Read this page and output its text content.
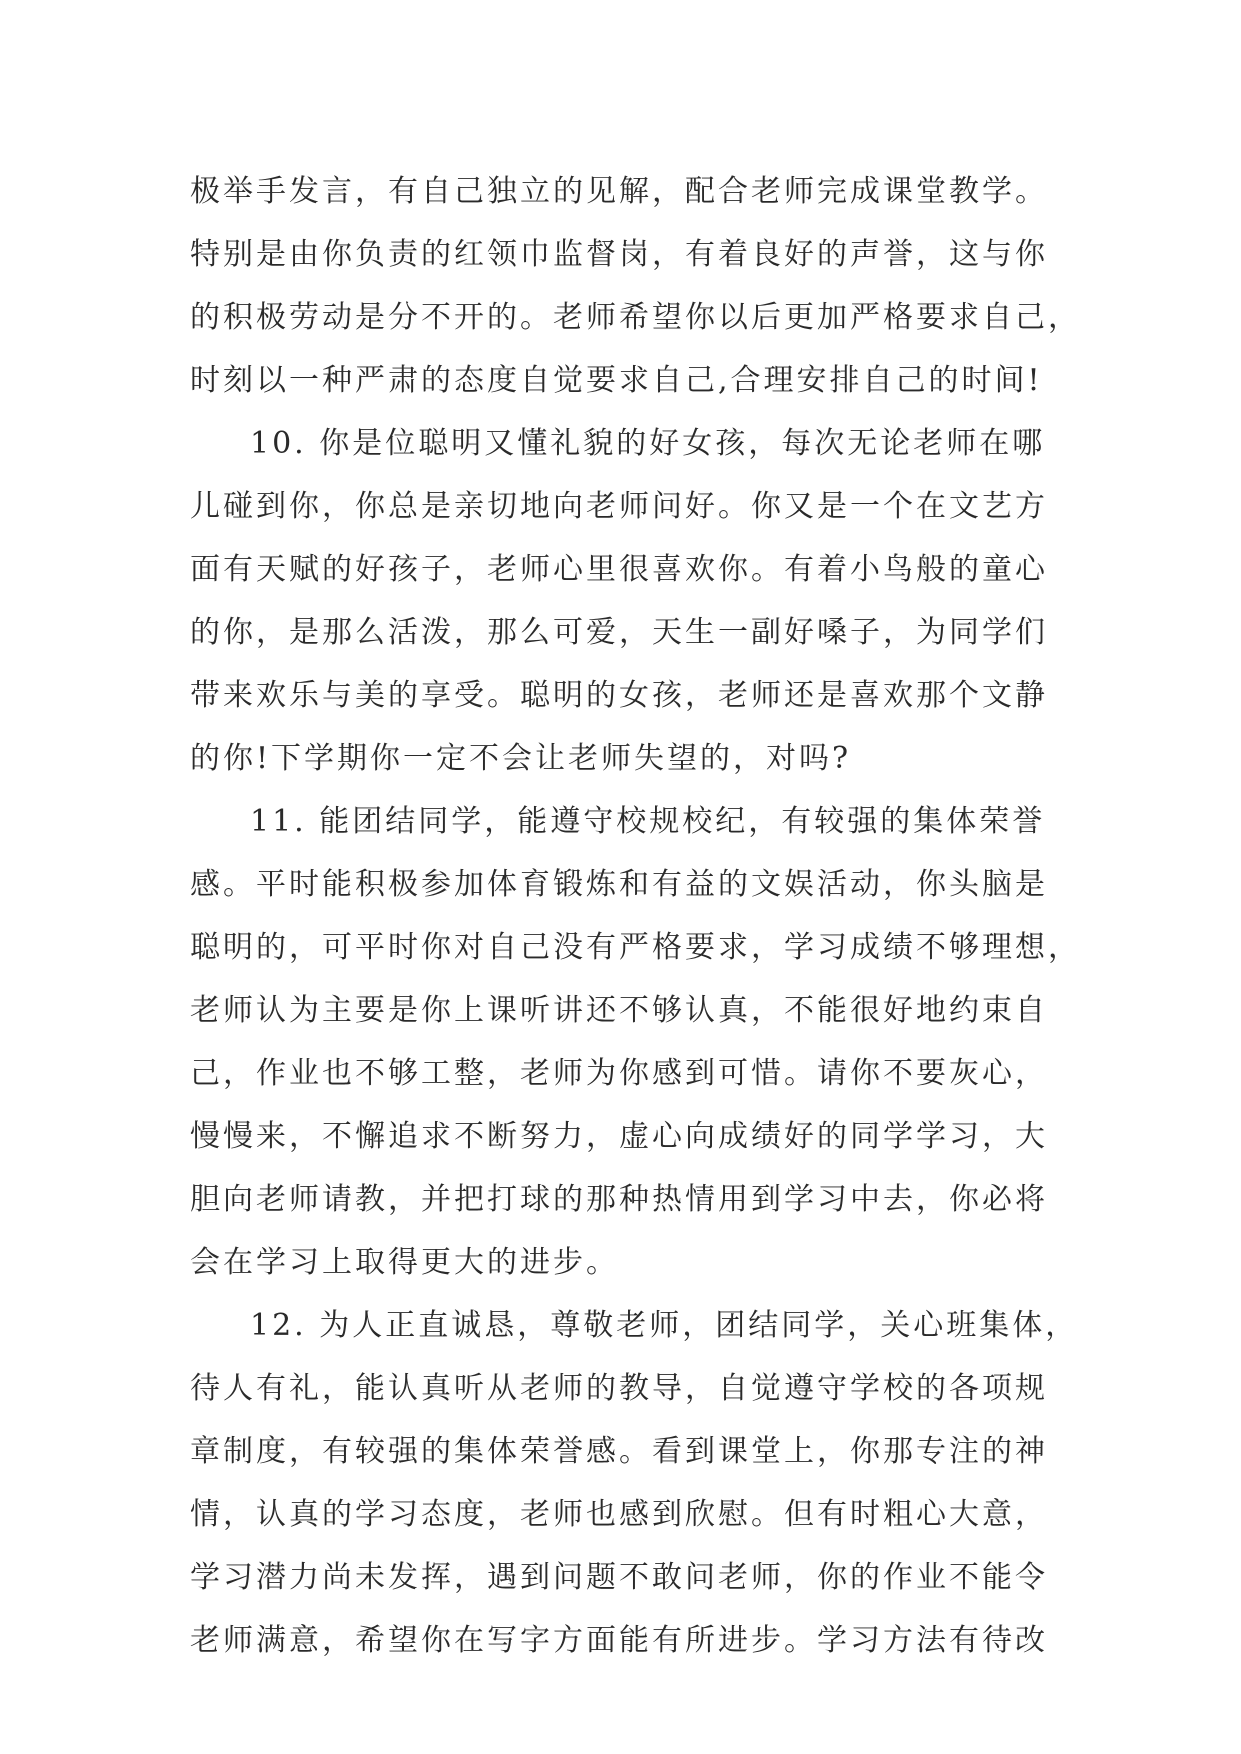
极举手发言，有自己独立的见解，配合老师完成课堂教学。
特别是由你负责的红领巾监督岗，有着良好的声誉，这与你
的积极劳动是分不开的。老师希望你以后更加严格要求自己，
时刻以一种严肃的态度自觉要求自己,合理安排自己的时间!
10. 你是位聪明又懂礼貌的好女孩，每次无论老师在哪
儿碰到你，你总是亲切地向老师问好。你又是一个在文艺方
面有天赋的好孩子，老师心里很喜欢你。有着小鸟般的童心
的你，是那么活泼，那么可爱，天生一副好嗓子，为同学们
带来欢乐与美的享受。聪明的女孩，老师还是喜欢那个文静
的你!下学期你一定不会让老师失望的，对吗?
11. 能团结同学，能遵守校规校纪，有较强的集体荣誉
感。平时能积极参加体育锻炼和有益的文娱活动，你头脑是
聪明的，可平时你对自己没有严格要求，学习成绩不够理想，
老师认为主要是你上课听讲还不够认真，不能很好地约束自
己，作业也不够工整，老师为你感到可惜。请你不要灰心，
慢慢来，不懈追求不断努力，虚心向成绩好的同学学习，大
胆向老师请教，并把打球的那种热情用到学习中去，你必将
会在学习上取得更大的进步。
12. 为人正直诚恳，尊敬老师，团结同学，关心班集体，
待人有礼，能认真听从老师的教导，自觉遵守学校的各项规
章制度，有较强的集体荣誉感。看到课堂上，你那专注的神
情，认真的学习态度，老师也感到欣慰。但有时粗心大意，
学习潜力尚未发挥，遇到问题不敢问老师，你的作业不能令
老师满意，希望你在写字方面能有所进步。学习方法有待改
